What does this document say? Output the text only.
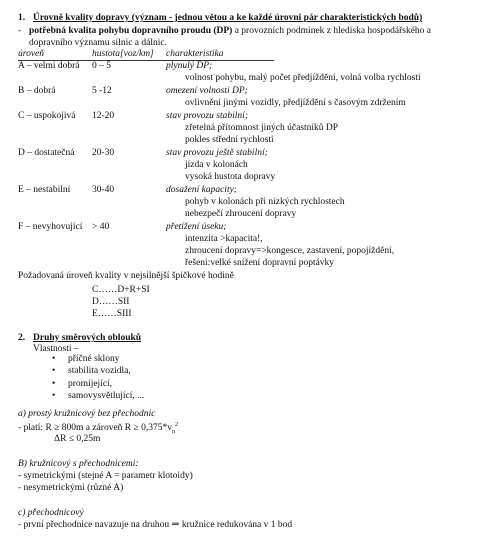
1. Úrovně kvality dopravy (význam - jednou větou a ke každé úrovni pár charakteristických bodů)
- potřebná kvalita pohybu dopravního proudu (DP) a provozních podmínek z hlediska hospodářského a
dopravního významu silnic a dálnic.
úroveň	hustota[voz/km] charakteristika
A – velmi dobrá 0 – 5	plynulý DP;
volnost pohybu, malý počet předjíždění, volná volba rychlosti
B – dobrá	5 -12	omezení volnosti DP;
ovlivnění jinými vozidly, předjíždění s časovým zdržením
C – uspokojivá 12-20	stav provozu stabilní;
zřetelná přítomnost jiných účastníků DP
pokles střední rychlosti
D – dostatečná 20-30	stav provozu ještě stabilní;
jízda v kolonách
vysoká hustota dopravy
E – nestabilní 30-40	dosažení kapacity;
pohyb v kolonách při nízkých rychlostech
nebezpečí zhroucení dopravy
F – nevyhovující > 40	přetížení úseku;
intenzita >kapacita!,
zhroucení dopravy=>kongesce, zastavení, popojíždění,
řešení:velké snížení dopravní poptávky
Požadovaná úroveň kvality v nejsilnější špičkové hodině
C……D+R+SI
D……SII
E……SIII
2. Druhy směrových oblouků
Vlastnosti –
• příčné sklony
• stabilita vozidla,
• promíjející,
• samovysvětlující, ...
a) prostý kružnicový bez přechodnic
- platí: R ≥ 800m a zároveň $R \ge 0,375*v_n^2$
ΔR ≤ 0,25m
B) kružnicový s přechodnicemi:
- symetrickými (stejné A = parametr klotoidy)
- nesymetrickými (různé A)
c) přechodnicový
- první přechodnice navazuje na druhou ⇒ kružnice redukována v 1 bod
